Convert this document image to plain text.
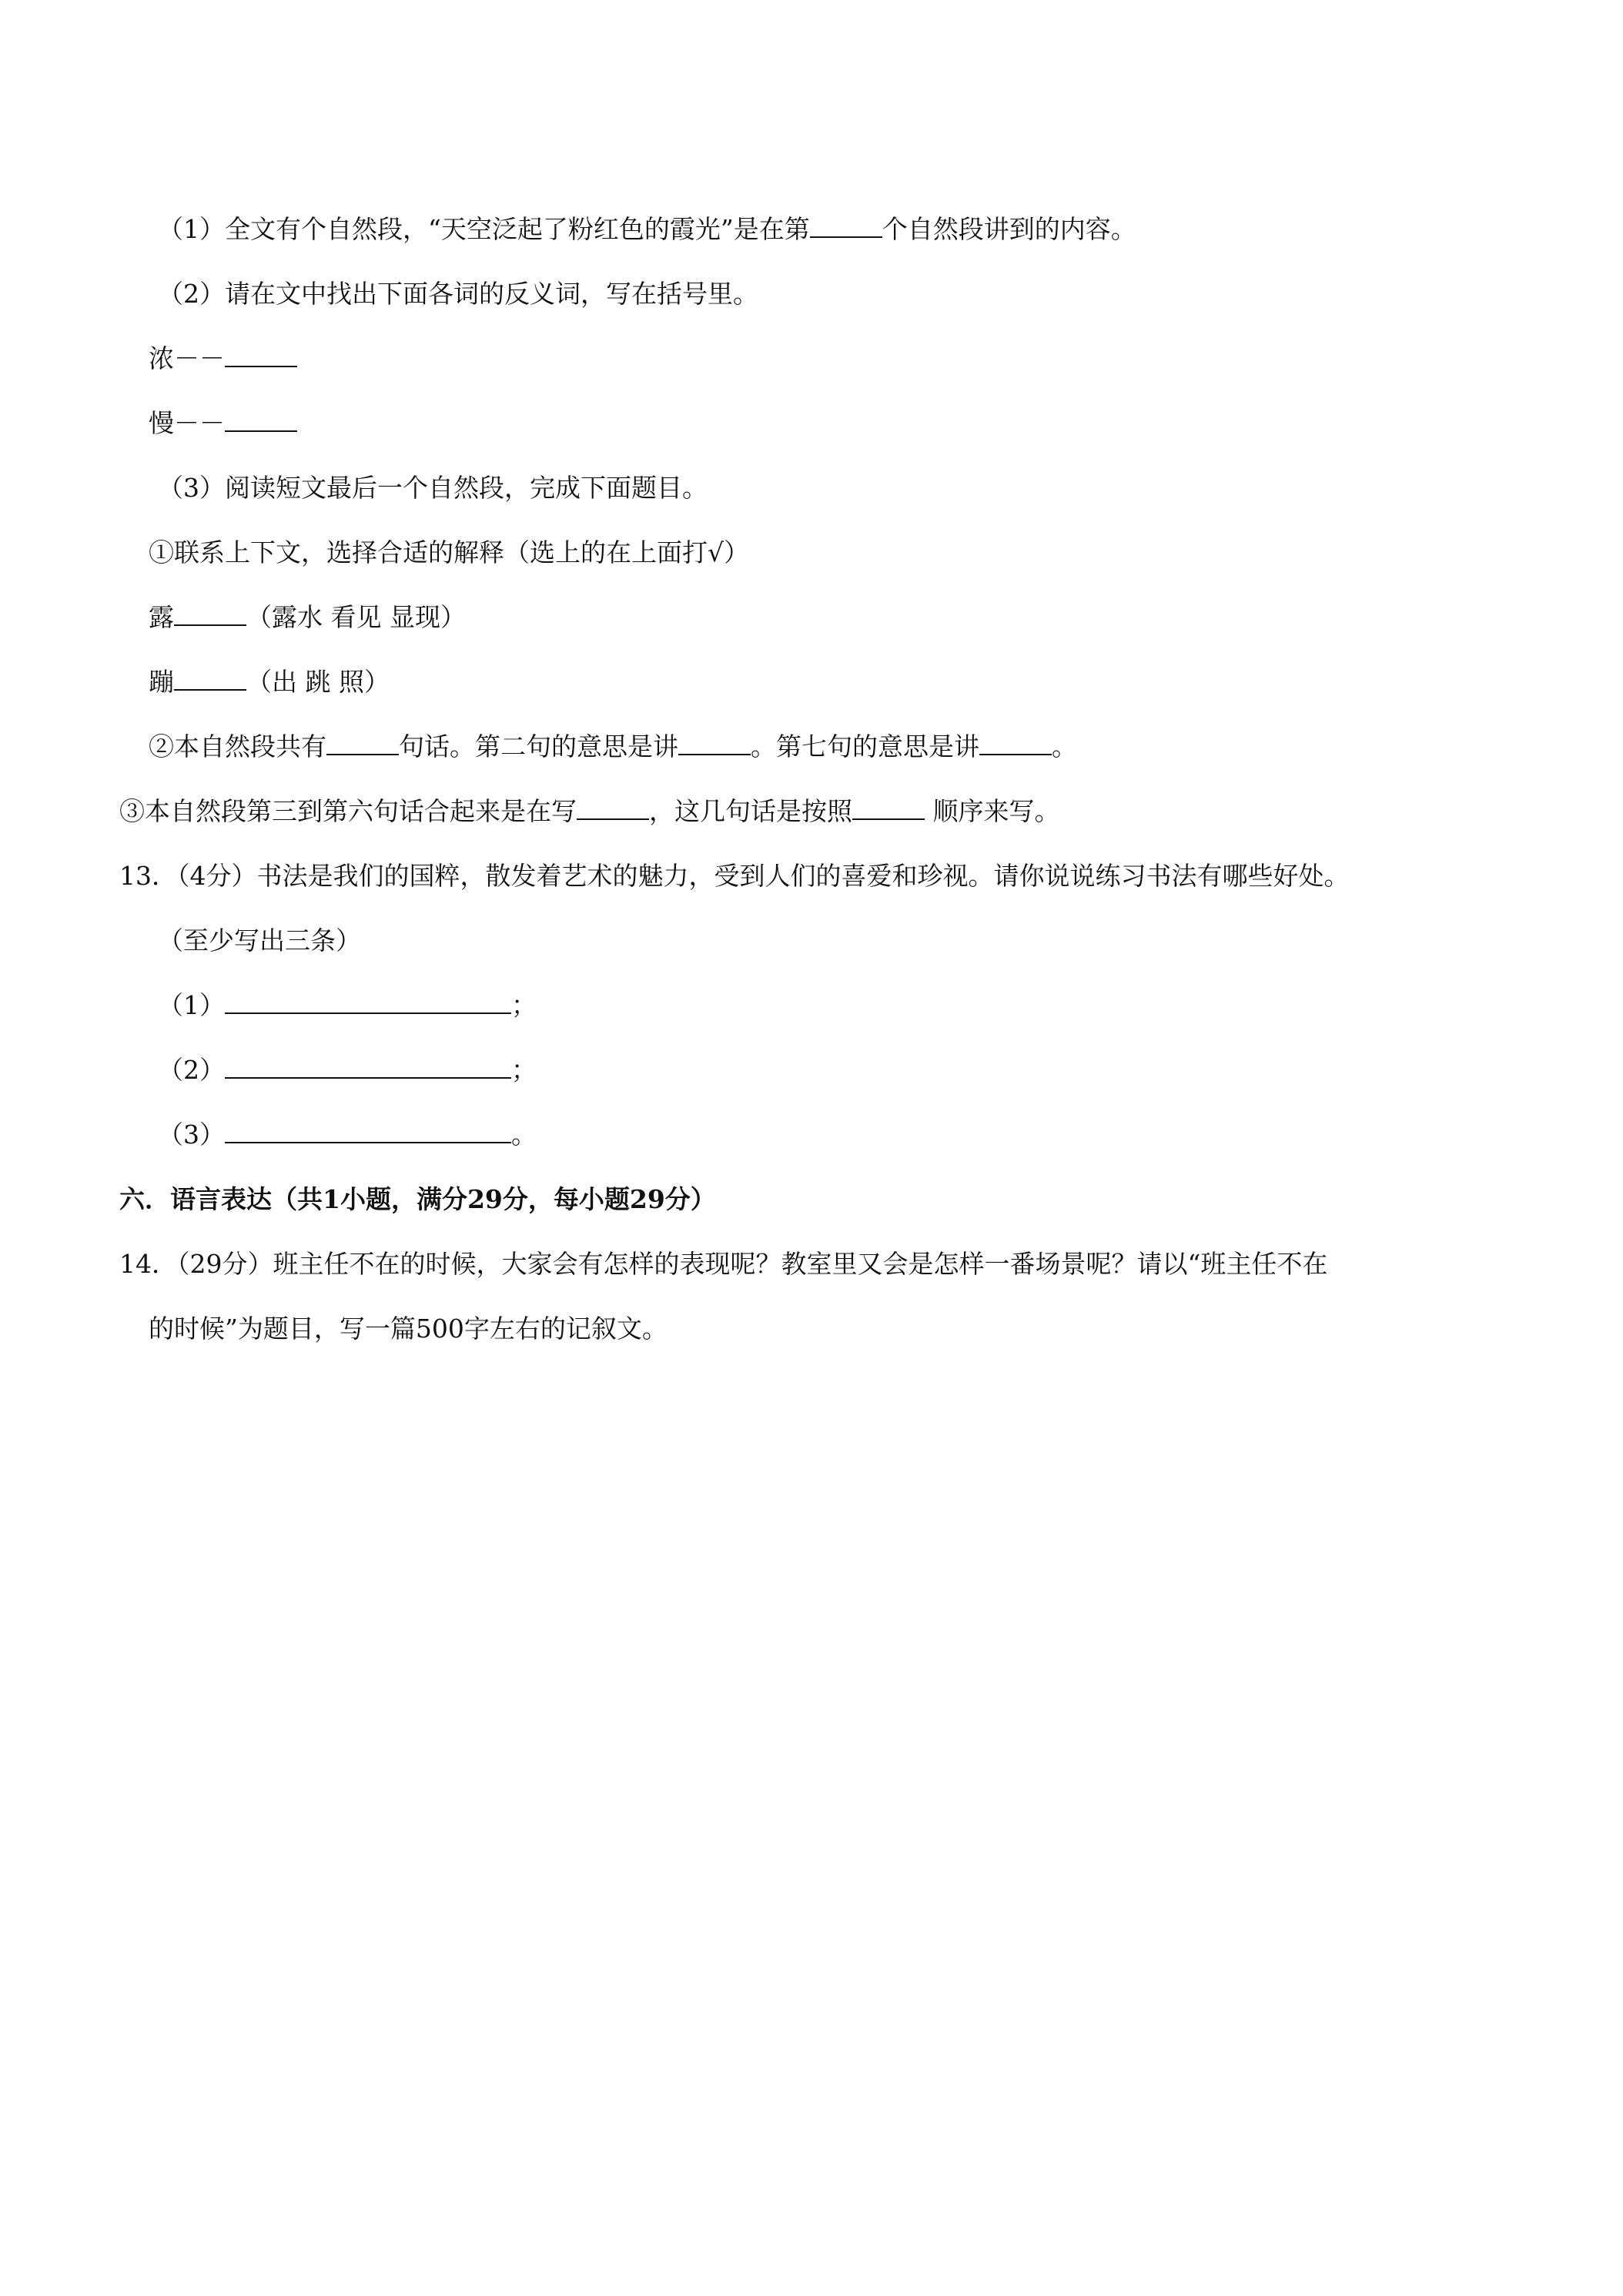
（1）全文有个自然段，“天空泛起了粉红色的霞光”是在第	个自然段讲到的内容。
（2）请在文中找出下面各词的反义词，写在括号里。
浓－－
慢－－
（3）阅读短文最后一个自然段，完成下面题目。
①联系上下文，选择合适的解释（选上的在上面打√）
露	（露水 看见 显现）
蹦	（出 跳 照）
②本自然段共有	句话。第二句的意思是讲	。第七句的意思是讲	。
③本自然段第三到第六句话合起来是在写	，这几句话是按照	顺序来写。
13．（4分）书法是我们的国粹，散发着艺术的魅力，受到人们的喜爱和珍视。请你说说练习书法有哪些好处。
（至少写出三条）
（1）	；
（2）	；
（3）	。
六．语言表达（共1小题，满分29分，每小题29分）
14．（29分）班主任不在的时候，大家会有怎样的表现呢？教室里又会是怎样一番场景呢？请以“班主任不在
的时候”为题目，写一篇500字左右的记叙文。
